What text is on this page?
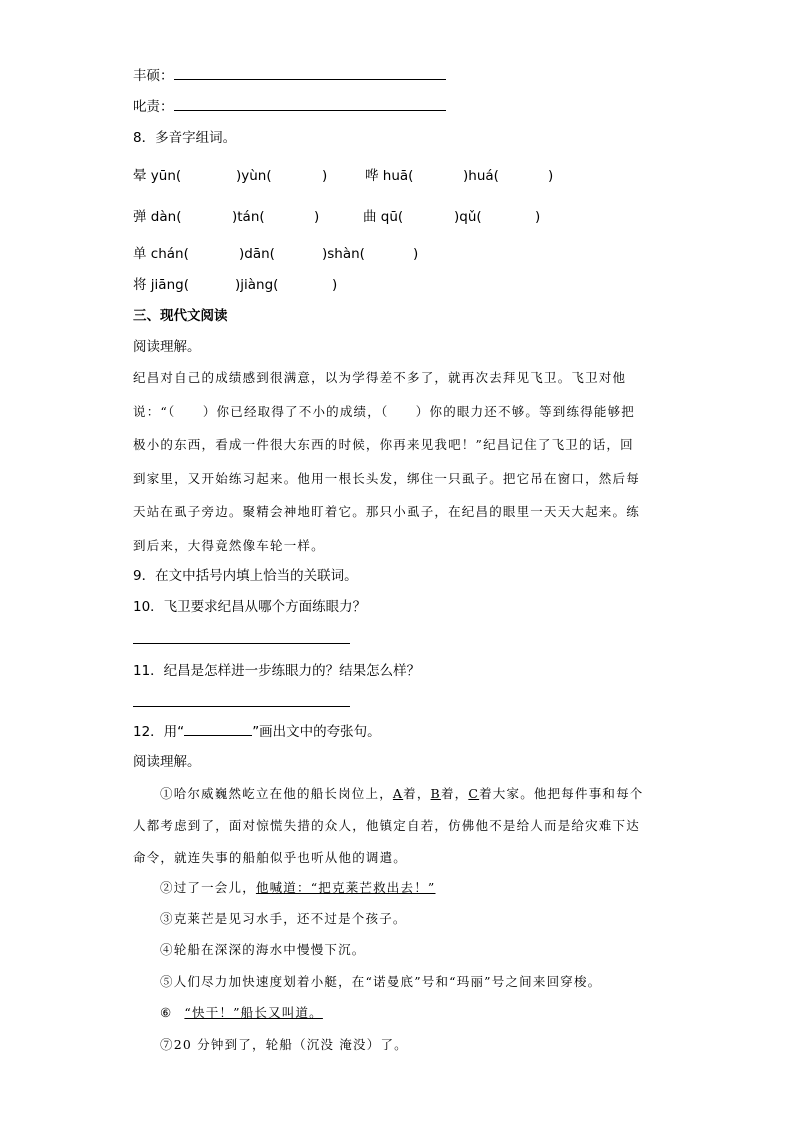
丰硕：
叱责：
8．多音字组词。
晕 yūn(	)yùn(	)	哗 huā(	)huá(	)
弹 dàn(	)tán(	)	曲 qū(	)qǔ(	)
单 chán(	)dān(	)shàn(	)
将 jiāng(	)jiàng(	)
三、现代文阅读
阅读理解。
纪昌对自己的成绩感到很满意，以为学得差不多了，就再次去拜见飞卫。飞卫对他
说：“（　　）你已经取得了不小的成绩，（　　）你的眼力还不够。等到练得能够把
极小的东西，看成一件很大东西的时候，你再来见我吧！”纪昌记住了飞卫的话，回
到家里，又开始练习起来。他用一根长头发，绑住一只虱子。把它吊在窗口，然后每
天站在虱子旁边。聚精会神地盯着它。那只小虱子，在纪昌的眼里一天天大起来。练
到后来，大得竟然像车轮一样。
9．在文中括号内填上恰当的关联词。
10．飞卫要求纪昌从哪个方面练眼力？
11．纪昌是怎样进一步练眼力的？结果怎么样？
12．用“	”画出文中的夸张句。
阅读理解。
①哈尔威巍然屹立在他的船长岗位上，A着，B着，C着大家。他把每件事和每个
人都考虑到了，面对惊慌失措的众人，他镇定自若，仿佛他不是给人而是给灾难下达
命令，就连失事的船舶似乎也听从他的调遣。
②过了一会儿，他喊道：“把克莱芒救出去！”
③克莱芒是见习水手，还不过是个孩子。
④轮船在深深的海水中慢慢下沉。
⑤人们尽力加快速度划着小艇，在“诺曼底”号和“玛丽”号之间来回穿梭。
⑥ “快干！”船长又叫道。
⑦20 分钟到了，轮船（沉没 淹没）了。
